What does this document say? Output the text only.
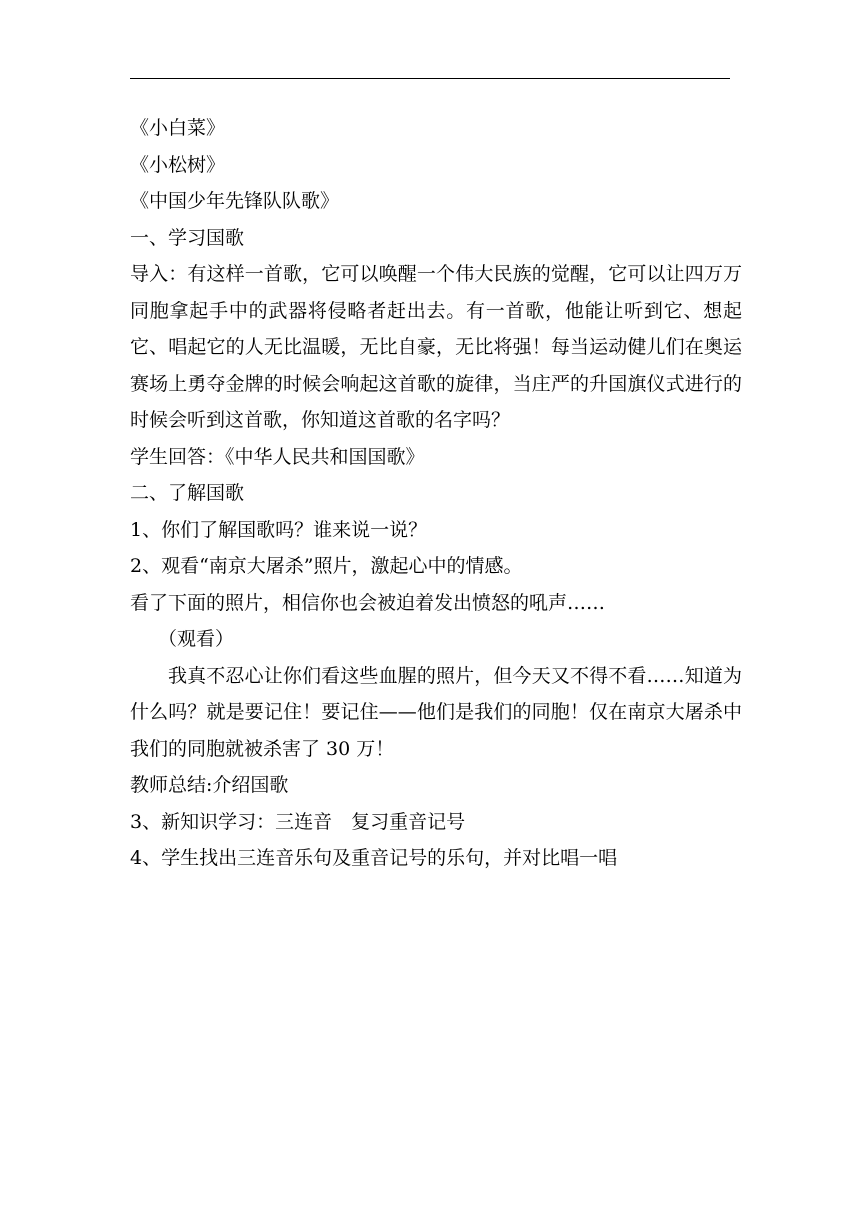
《小白菜》
《小松树》
《中国少年先锋队队歌》
一、学习国歌
导入：有这样一首歌，它可以唤醒一个伟大民族的觉醒，它可以让四万万同胞拿起手中的武器将侵略者赶出去。有一首歌，他能让听到它、想起它、唱起它的人无比温暖，无比自豪，无比将强！每当运动健儿们在奥运赛场上勇夺金牌的时候会响起这首歌的旋律，当庄严的升国旗仪式进行的时候会听到这首歌，你知道这首歌的名字吗？
学生回答：《中华人民共和国国歌》
二、了解国歌
1、你们了解国歌吗？谁来说一说？
2、观看“南京大屠杀”照片，激起心中的情感。
看了下面的照片，相信你也会被迫着发出愤怒的吼声……
（观看）
我真不忍心让你们看这些血腥的照片，但今天又不得不看……知道为什么吗？就是要记住！要记住——他们是我们的同胞！仅在南京大屠杀中我们的同胞就被杀害了 30 万！
教师总结:介绍国歌
3、新知识学习：三连音　复习重音记号
4、学生找出三连音乐句及重音记号的乐句，并对比唱一唱
